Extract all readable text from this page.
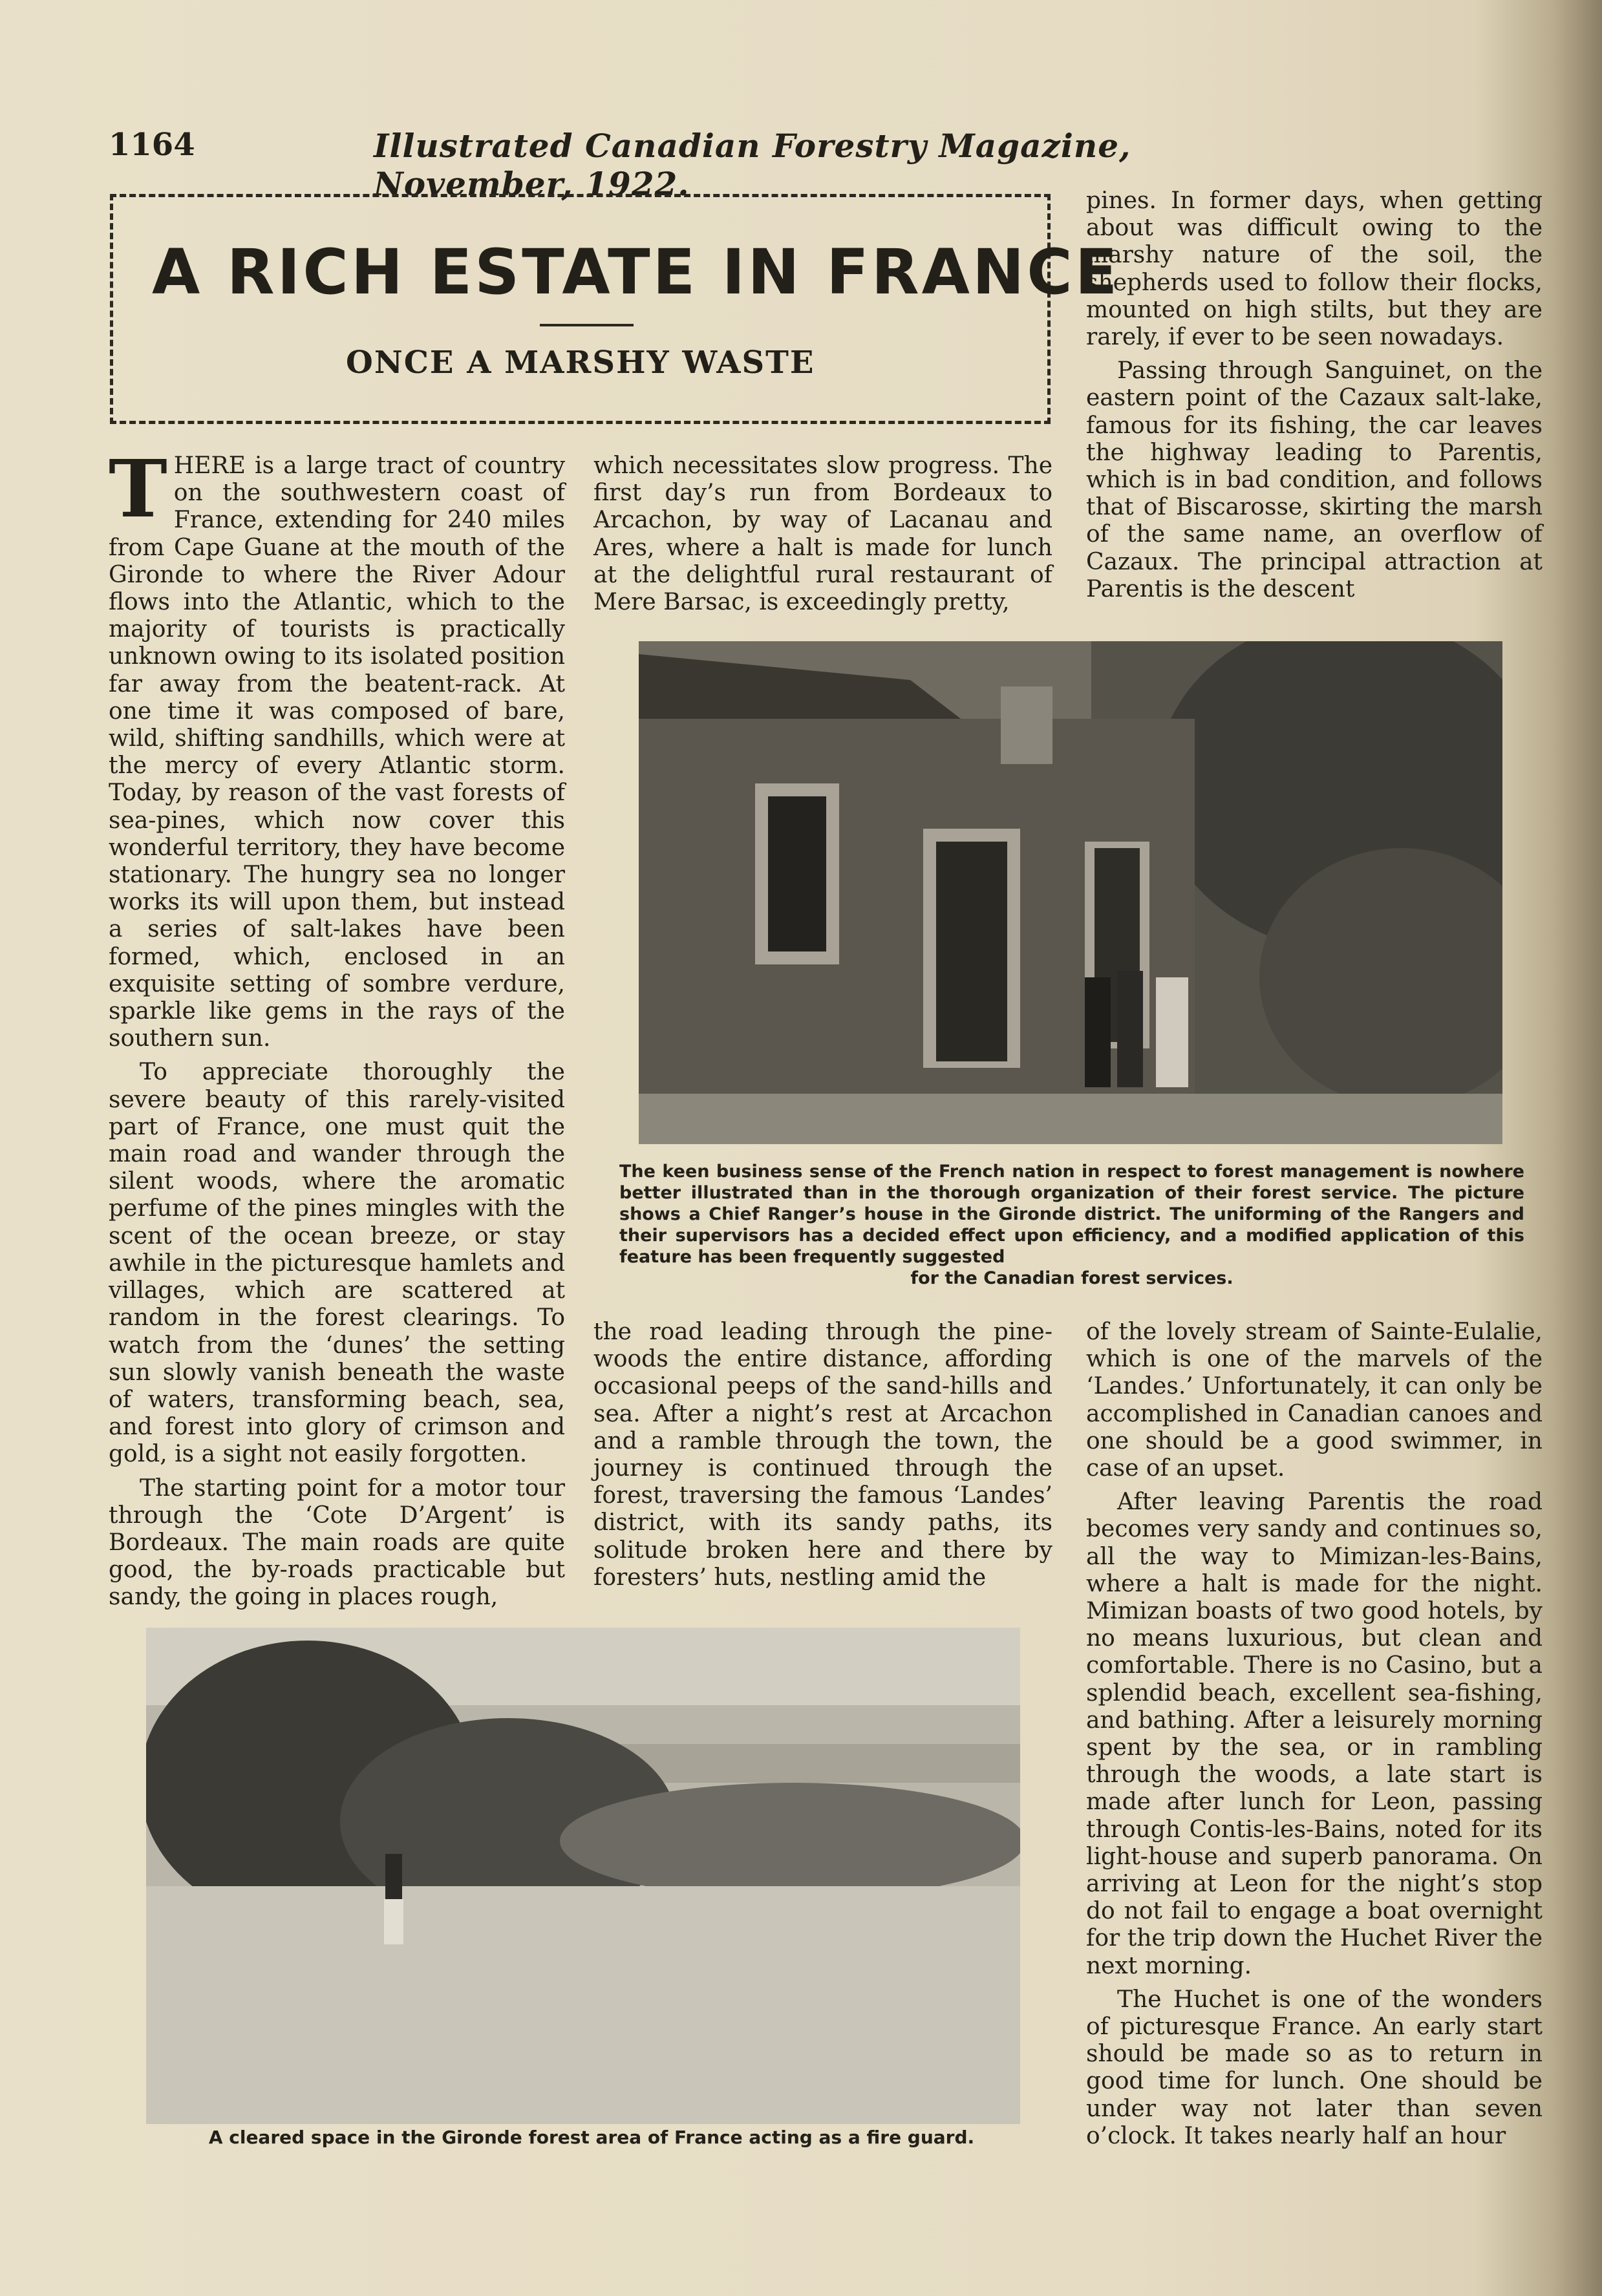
1164	Illustrated Canadian Forestry Magazine, November, 1922.
A RICH ESTATE IN FRANCE
ONCE A MARSHY WASTE

THERE is a large tract of country on the southwestern coast of France, extending for 240 miles from Cape Guane at the mouth of the Gironde to where the River Adour flows into the Atlantic, which to the majority of tourists is practically unknown owing to its isolated position far away from the beatent-rack. At one time it was composed of bare, wild, shifting sandhills, which were at the mercy of every Atlantic storm. Today, by reason of the vast forests of sea-pines, which now cover this wonderful territory, they have become stationary. The hungry sea no longer works its will upon them, but instead a series of salt-lakes have been formed, which, enclosed in an exquisite setting of sombre verdure, sparkle like gems in the rays of the southern sun.

To appreciate thoroughly the severe beauty of this rarely-visited part of France, one must quit the main road and wander through the silent woods, where the aromatic perfume of the pines mingles with the scent of the ocean breeze, or stay awhile in the picturesque hamlets and villages, which are scattered at random in the forest clearings. To watch from the ‘dunes’ the setting sun slowly vanish beneath the waste of waters, transforming beach, sea, and forest into glory of crimson and gold, is a sight not easily forgotten.

The starting point for a motor tour through the ‘Cote D’Argent’ is Bordeaux. The main roads are quite good, the by-roads practicable but sandy, the going in places rough,

which necessitates slow progress. The first day’s run from Bordeaux to Arcachon, by way of Lacanau and Ares, where a halt is made for lunch at the delightful rural restaurant of Mere Barsac, is exceedingly pretty,

pines. In former days, when getting about was difficult owing to the marshy nature of the soil, the shepherds used to follow their flocks, mounted on high stilts, but they are rarely, if ever to be seen nowadays.

Passing through Sanguinet, on the eastern point of the Cazaux salt-lake, famous for its fishing, the car leaves the highway leading to Parentis, which is in bad condition, and follows that of Biscarosse, skirting the marsh of the same name, an overflow of Cazaux. The principal attraction at Parentis is the descent

The keen business sense of the French nation in respect to forest management is nowhere better illustrated than in the thorough organization of their forest service. The picture shows a Chief Ranger’s house in the Gironde district. The uniforming of the Rangers and their supervisors has a decided effect upon efficiency, and a modified application of this feature has been frequently suggested
for the Canadian forest services.

the road leading through the pine-woods the entire distance, affording occasional peeps of the sand-hills and sea. After a night’s rest at Arcachon and a ramble through the town, the journey is continued through the forest, traversing the famous ‘Landes’ district, with its sandy paths, its solitude broken here and there by foresters’ huts, nestling amid the

of the lovely stream of Sainte-Eulalie, which is one of the marvels of the ‘Landes.’ Unfortunately, it can only be accomplished in Canadian canoes and one should be a good swimmer, in case of an upset.

After leaving Parentis the road becomes very sandy and continues so, all the way to Mimizan-les-Bains, where a halt is made for the night. Mimizan boasts of two good hotels, by no means luxurious, but clean and comfortable. There is no Casino, but a splendid beach, excellent sea-fishing, and bathing. After a leisurely morning spent by the sea, or in rambling through the woods, a late start is made after lunch for Leon, passing through Contis-les-Bains, noted for its light-house and superb panorama. On arriving at Leon for the night’s stop do not fail to engage a boat overnight for the trip down the Huchet River the next morning.

The Huchet is one of the wonders of picturesque France. An early start should be made so as to return in good time for lunch. One should be under way not later than seven o’clock. It takes nearly half an hour

A cleared space in the Gironde forest area of France acting as a fire guard.
